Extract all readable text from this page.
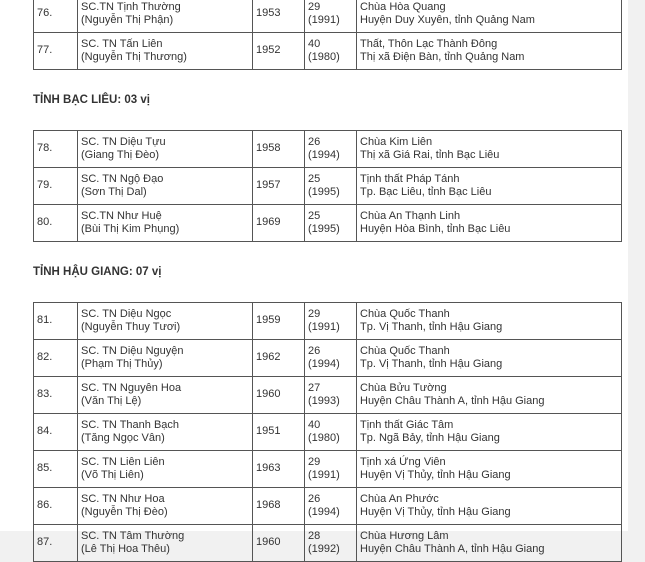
76.	SC.TN Tịnh Thường
(Nguyễn Thị Phận)	1953	29
(1991)	Chùa Hòa Quang
Huyện Duy Xuyên, tỉnh Quảng Nam

77.	SC. TN Tấn Liên
(Nguyễn Thị Thương)	1952	40
(1980)	Thất, Thôn Lạc Thành Đông
Thị xã Điện Bàn, tỉnh Quảng Nam
TỈNH BẠC LIÊU: 03 vị
78.	SC. TN Diệu Tựu
(Giang Thị Đèo)	1958	26
(1994)	Chùa Kim Liên
Thị xã Giá Rai, tỉnh Bạc Liêu

79.	SC. TN Ngộ Đạo
(Sơn Thị Dal)	1957	25
(1995)	Tịnh thất Pháp Tánh
Tp. Bạc Liêu, tỉnh Bạc Liêu

80.	SC.TN Như Huệ
(Bùi Thị Kim Phụng)	1969	25
(1995)	Chùa An Thạnh Linh
Huyện Hòa Bình, tỉnh Bạc Liêu
TỈNH HẬU GIANG: 07 vị
81.	SC. TN Diệu Ngọc
(Nguyễn Thuy Tươi)	1959	29
(1991)	Chùa Quốc Thanh
Tp. Vị Thanh, tỉnh Hậu Giang

82.	SC. TN Diệu Nguyện
(Phạm Thị Thủy)	1962	26
(1994)	Chùa Quốc Thanh
Tp. Vị Thanh, tỉnh Hậu Giang

83.	SC. TN Nguyên Hoa
(Văn Thị Lệ)	1960	27
(1993)	Chùa Bửu Tường
Huyện Châu Thành A, tỉnh Hậu Giang

84.	SC. TN Thanh Bạch
(Tăng Ngọc Vân)	1951	40
(1980)	Tịnh thất Giác Tâm
Tp. Ngã Bảy, tỉnh Hậu Giang

85.	SC. TN Liên Liên
(Võ Thị Liên)	1963	29
(1991)	Tịnh xá Ứng Viên
Huyện Vị Thủy, tỉnh Hậu Giang

86.	SC. TN Như Hoa
(Nguyễn Thị Đèo)	1968	26
(1994)	Chùa An Phước
Huyện Vị Thủy, tỉnh Hậu Giang

87.	SC. TN Tâm Thường
(Lê Thị Hoa Thêu)	1960	28
(1992)	Chùa Hương Lâm
Huyện Châu Thành A, tỉnh Hậu Giang
